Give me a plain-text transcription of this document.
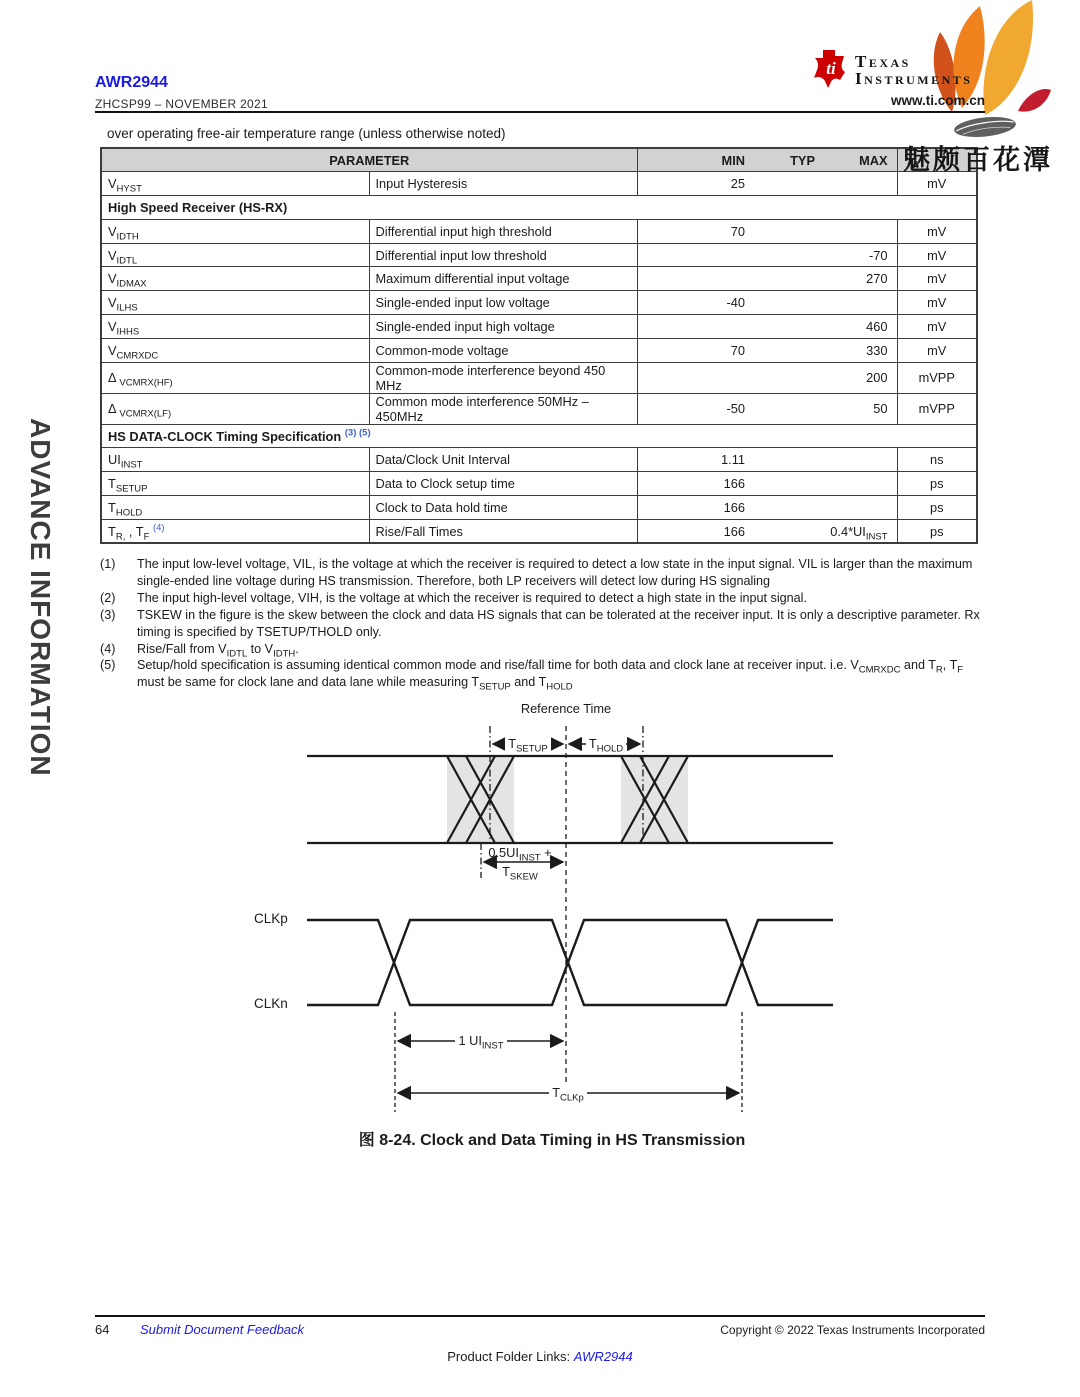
AWR2944
ZHCSP99 – NOVEMBER 2021
ti Texas
Instruments
www.ti.com.cn
魅颇百花潭
ADVANCE INFORMATION
over operating free-air temperature range (unless otherwise noted)
PARAMETER		MIN	TYP	MAX	
$V_{HYST}$	Input Hysteresis	25			mV
High Speed Receiver (HS-RX)					
$V_{IDTH}$	Differential input high threshold	70			mV
$V_{IDTL}$	Differential input low threshold			-70	mV
$V_{IDMAX}$	Maximum differential input voltage			270	mV
$V_{ILHS}$	Single-ended input low voltage	-40			mV
$V_{IHHS}$	Single-ended input high voltage			460	mV
$V_{CMRXDC}$	Common-mode voltage	70		330	mV
Δ $_{VCMRX(HF)}$	Common-mode interference beyond 450 MHz			200	mVPP
Δ $_{VCMRX(LF)}$	Common mode interference 50MHz – 450MHz	-50		50	mVPP
HS DATA-CLOCK Timing Specification $^{(3) (5)}$
$UI_{INST}$	Data/Clock Unit Interval	1.11			ns
$T_{SETUP}$	Data to Clock setup time	166			ps
$T_{HOLD}$	Clock to Data hold time	166			ps
$T_{R,}$ , $T_F$ $^{(4)}$	Rise/Fall Times	166		$0.4*UI_{INST}$	ps
(1)	The input low-level voltage, VIL, is the voltage at which the receiver is required to detect a low state in the input signal. VIL is larger than the maximum single-ended line voltage during HS transmission. Therefore, both LP receivers will detect low during HS signaling
(2)	The input high-level voltage, VIH, is the voltage at which the receiver is required to detect a high state in the input signal.
(3)	TSKEW in the figure is the skew between the clock and data HS signals that can be tolerated at the receiver input. It is only a descriptive parameter. Rx timing is specified by TSETUP/THOLD only.
(4)	Rise/Fall from $V_{IDTL}$ to $V_{IDTH}$.
(5)	Setup/hold specification is assuming identical common mode and rise/fall time for both data and clock lane at receiver input. i.e. $V_{CMRXDC}$ and $T_R$, $T_F$ must be same for clock lane and data lane while measuring $T_{SETUP}$ and $T_{HOLD}$
Reference Time
$T_{SETUP}$	$T_{HOLD}$
$0.5UI_{INST}$ +
$T_{SKEW}$
CLKp
CLKn
1 $UI_{INST}$
$T_{CLKp}$
图 8-24. Clock and Data Timing in HS Transmission
64 Submit Document Feedback	Copyright © 2022 Texas Instruments Incorporated
Product Folder Links: AWR2944
